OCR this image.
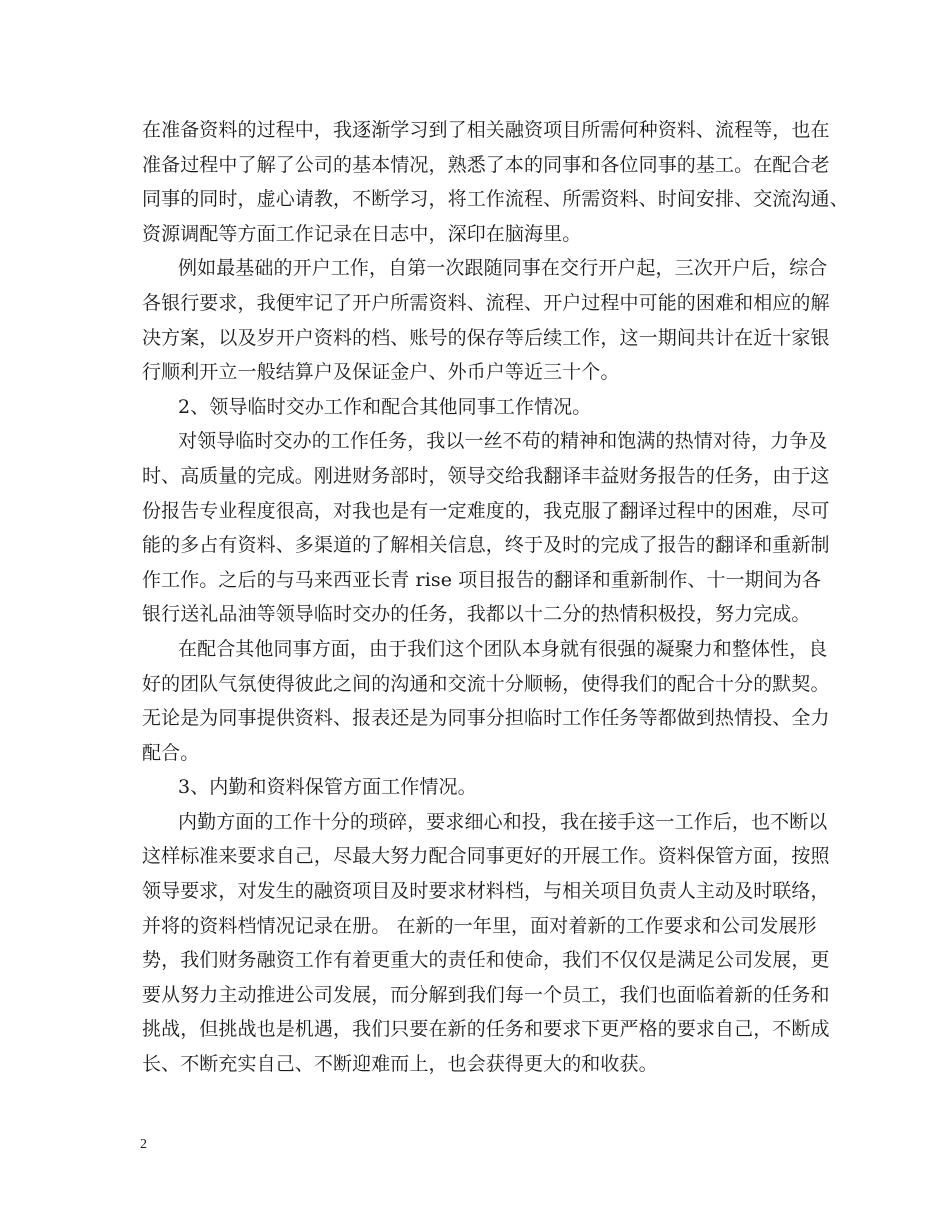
在准备资料的过程中，我逐渐学习到了相关融资项目所需何种资料、流程等，也在
准备过程中了解了公司的基本情况，熟悉了本的同事和各位同事的基工。在配合老
同事的同时，虚心请教，不断学习，将工作流程、所需资料、时间安排、交流沟通、
资源调配等方面工作记录在日志中，深印在脑海里。
例如最基础的开户工作，自第一次跟随同事在交行开户起，三次开户后，综合
各银行要求，我便牢记了开户所需资料、流程、开户过程中可能的困难和相应的解
决方案，以及岁开户资料的档、账号的保存等后续工作，这一期间共计在近十家银
行顺利开立一般结算户及保证金户、外币户等近三十个。
2、领导临时交办工作和配合其他同事工作情况。
对领导临时交办的工作任务，我以一丝不苟的精神和饱满的热情对待，力争及
时、高质量的完成。刚进财务部时，领导交给我翻译丰益财务报告的任务，由于这
份报告专业程度很高，对我也是有一定难度的，我克服了翻译过程中的困难，尽可
能的多占有资料、多渠道的了解相关信息，终于及时的完成了报告的翻译和重新制
作工作。之后的与马来西亚长青 rise 项目报告的翻译和重新制作、十一期间为各
银行送礼品油等领导临时交办的任务，我都以十二分的热情积极投，努力完成。
在配合其他同事方面，由于我们这个团队本身就有很强的凝聚力和整体性，良
好的团队气氛使得彼此之间的沟通和交流十分顺畅，使得我们的配合十分的默契。
无论是为同事提供资料、报表还是为同事分担临时工作任务等都做到热情投、全力
配合。
3、内勤和资料保管方面工作情况。
内勤方面的工作十分的琐碎，要求细心和投，我在接手这一工作后，也不断以
这样标准来要求自己，尽最大努力配合同事更好的开展工作。资料保管方面，按照
领导要求，对发生的融资项目及时要求材料档，与相关项目负责人主动及时联络，
并将的资料档情况记录在册。 在新的一年里，面对着新的工作要求和公司发展形
势，我们财务融资工作有着更重大的责任和使命，我们不仅仅是满足公司发展，更
要从努力主动推进公司发展，而分解到我们每一个员工，我们也面临着新的任务和
挑战，但挑战也是机遇，我们只要在新的任务和要求下更严格的要求自己，不断成
长、不断充实自己、不断迎难而上，也会获得更大的和收获。
2
